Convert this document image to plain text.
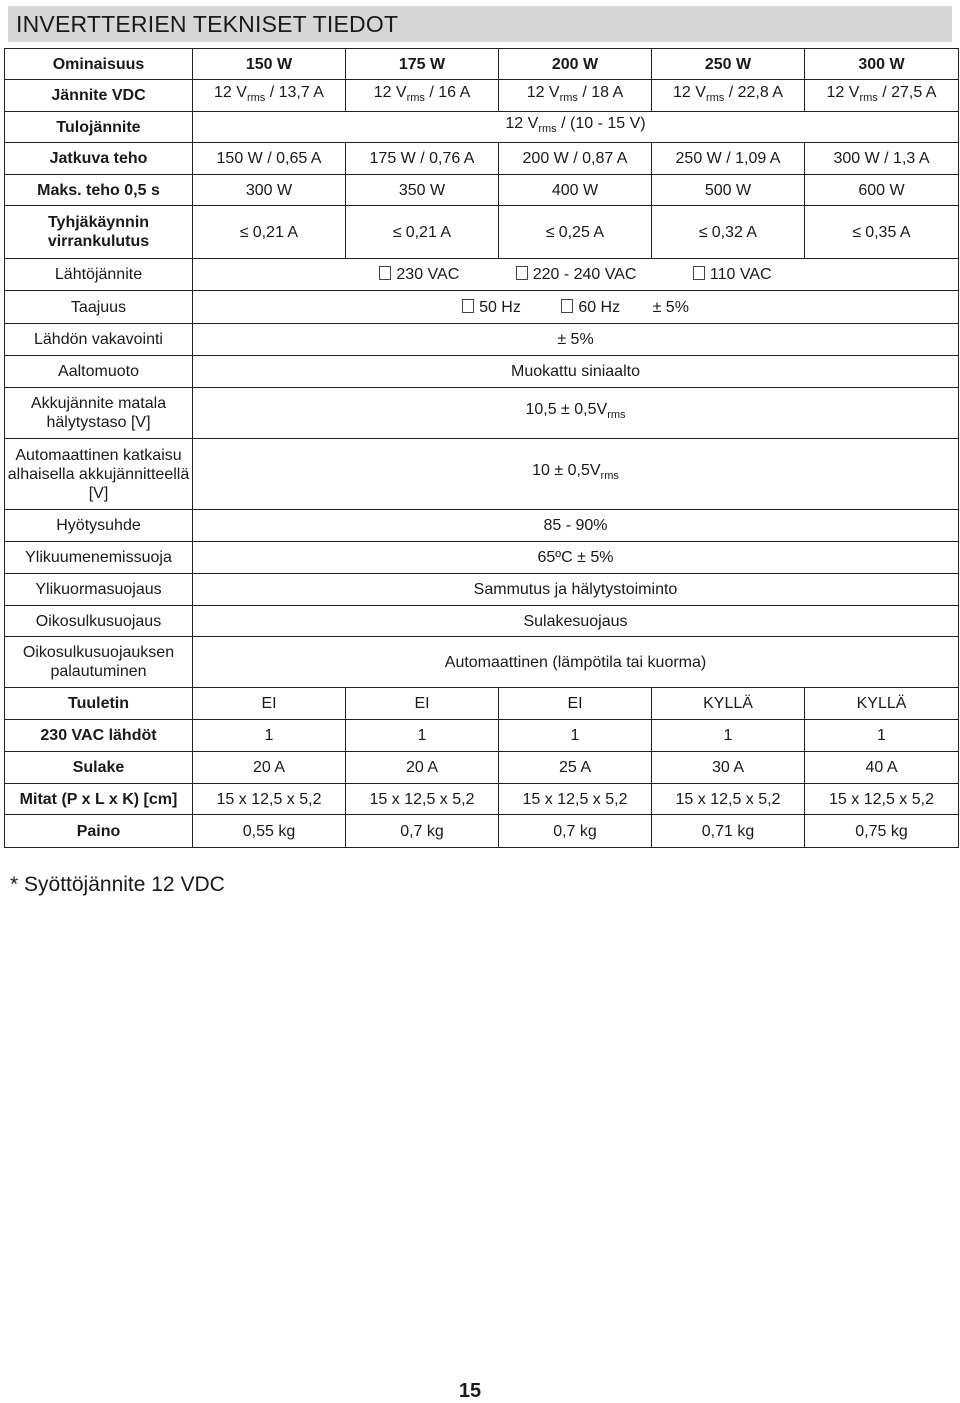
INVERTTERIEN TEKNISET TIEDOT
Ominaisuus	150 W	175 W	200 W	250 W	300 W
Jännite VDC	12 $V_{rms} / 13,7$ A	12 $V_{rms} / 16$ A	12 $V_{rms} / 18$ A	12 $V_{rms} / 22,8$ A	12 $V_{rms} / 27,5$ A
Tulojännite	12 $V_{rms} / (10 - 15$ V)				
Jatkuva teho	150 W / 0,65 A	175 W / 0,76 A	200 W / 0,87 A	250 W / 1,09 A	300 W / 1,3 A
Maks. teho 0,5 s	300 W	350 W	400 W	500 W	600 W
Tyhjäkäynnin virrankulutus	≤ 0,21 A	≤ 0,21 A	≤ 0,25 A	≤ 0,32 A	≤ 0,35 A
Lähtöjännite	230 VAC 220 - 240 VAC 110 VAC				
Taajuus	50 Hz 60 Hz ± 5%				
Lähdön vakavointi	± 5%				
Aaltomuoto	Muokattu siniaalto				
Akkujännite matala hälytystaso [V]	$10,5 \pm 0,5V_{rms}$
Automaattinen katkaisu alhaisella akkujännitteellä [V]	$10 \pm 0,5V_{rms}$
Hyötysuhde	85 - 90%				
Ylikuumenemissuoja	65ºC ± 5%				
Ylikuormasuojaus	Sammutus ja hälytystoiminto				
Oikosulkusuojaus	Sulakesuojaus				
Oikosulkusuojauksen palautuminen	Automaattinen (lämpötila tai kuorma)				
Tuuletin	EI	EI	EI	KYLLÄ	KYLLÄ
230 VAC lähdöt	1	1	1	1	1
Sulake	20 A	20 A	25 A	30 A	40 A
Mitat (P x L x K) [cm]	15 x 12,5 x 5,2	15 x 12,5 x 5,2	15 x 12,5 x 5,2	15 x 12,5 x 5,2	15 x 12,5 x 5,2
Paino	0,55 kg	0,7 kg	0,7 kg	0,71 kg	0,75 kg
* Syöttöjännite 12 VDC
15
